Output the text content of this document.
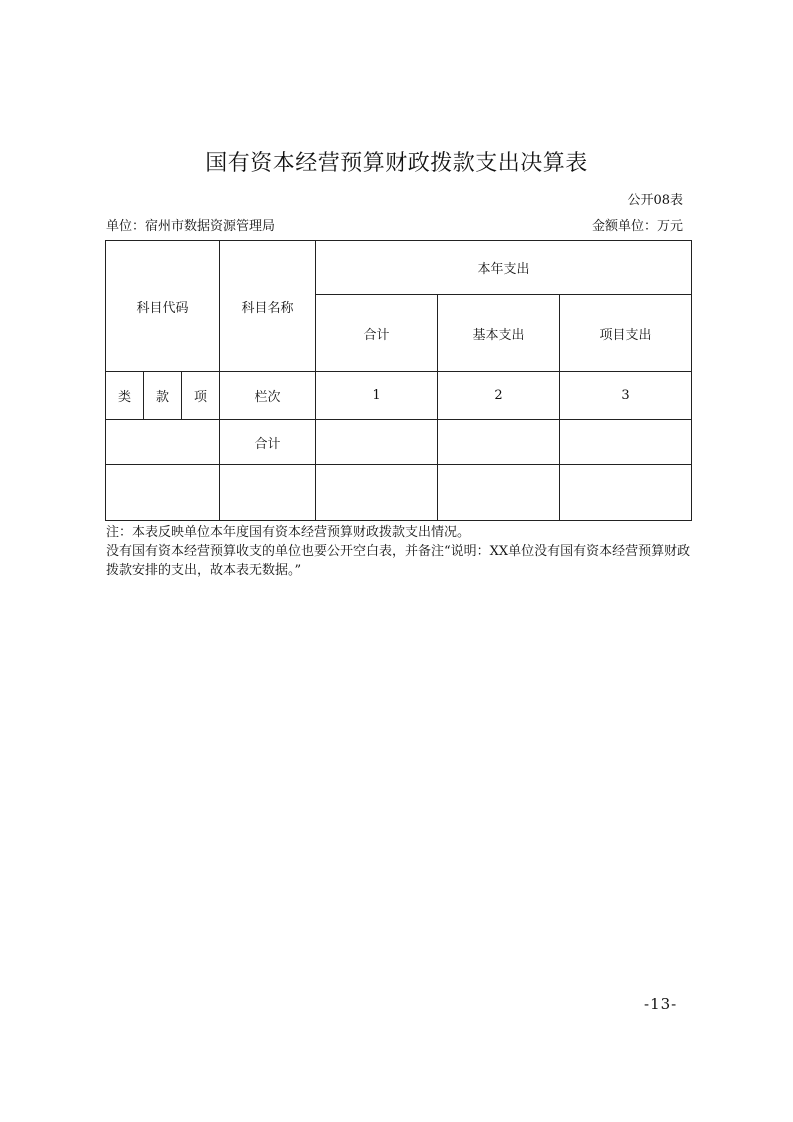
国有资本经营预算财政拨款支出决算表
公开08表
单位：宿州市数据资源管理局	金额单位：万元
科目代码			科目名称	本年支出		
				合计	基本支出	项目支出
类	款	项	栏次	1	2	3
			合计			

注：本表反映单位本年度国有资本经营预算财政拨款支出情况。

没有国有资本经营预算收支的单位也要公开空白表，并备注“说明：XX单位没有国有资本经营预算财政拨款安排的支出，故本表无数据。”

-13-
